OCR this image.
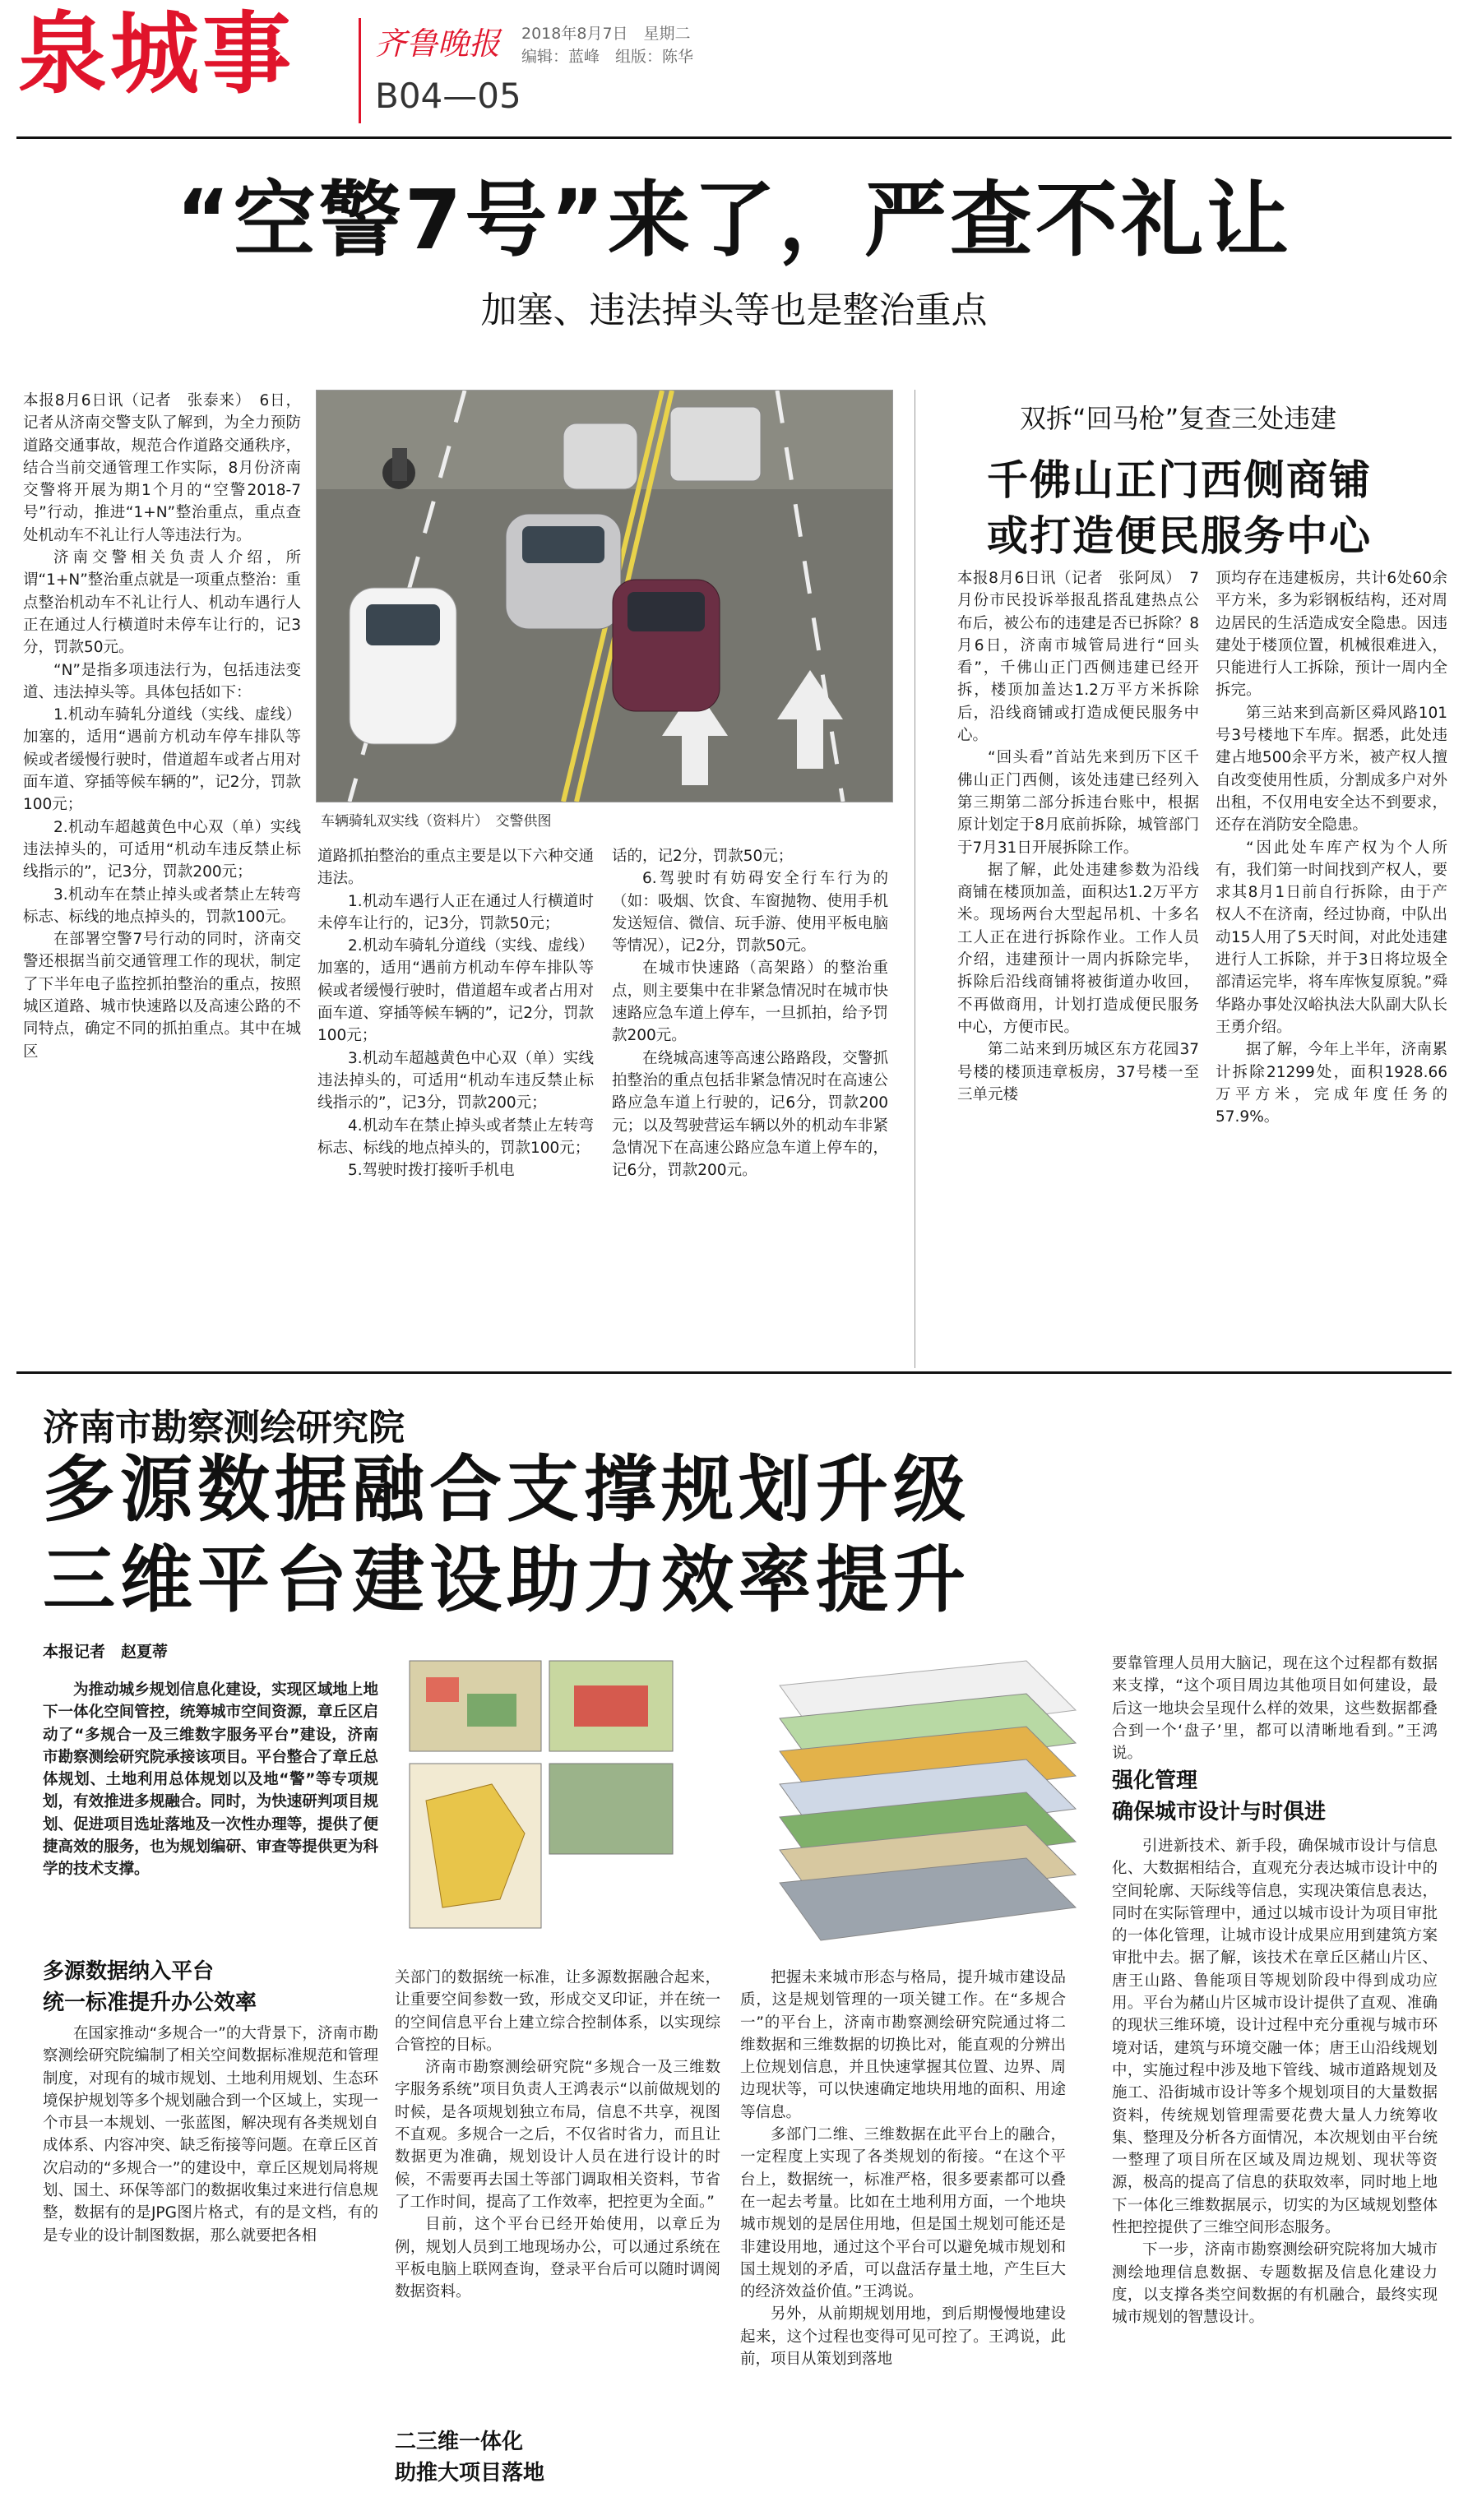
泉城事	齐鲁晚报 2018年8月7日　星期二
编辑：蓝峰　组版：陈华
B04—05
“空警7号”来了，严查不礼让
加塞、违法掉头等也是整治重点
车辆骑轧双实线（资料片）　交警供图

本报8月6日讯（记者　张泰来）　6日，记者从济南交警支队了解到，为全力预防道路交通事故，规范合作道路交通秩序，结合当前交通管理工作实际，8月份济南交警将开展为期1个月的“空警2018-7号”行动，推进“1+N”整治重点，重点查处机动车不礼让行人等违法行为。

济南交警相关负责人介绍，所谓“1+N”整治重点就是一项重点整治：重点整治机动车不礼让行人、机动车遇行人正在通过人行横道时未停车让行的，记3分，罚款50元。

“N”是指多项违法行为，包括违法变道、违法掉头等。具体包括如下：

1.机动车骑轧分道线（实线、虚线）加塞的，适用“遇前方机动车停车排队等候或者缓慢行驶时，借道超车或者占用对面车道、穿插等候车辆的”，记2分，罚款100元；

2.机动车超越黄色中心双（单）实线违法掉头的，可适用“机动车违反禁止标线指示的”，记3分，罚款200元；

3.机动车在禁止掉头或者禁止左转弯标志、标线的地点掉头的，罚款100元。

在部署空警7号行动的同时，济南交警还根据当前交通管理工作的现状，制定了下半年电子监控抓拍整治的重点，按照城区道路、城市快速路以及高速公路的不同特点，确定不同的抓拍重点。其中在城区

道路抓拍整治的重点主要是以下六种交通违法。

1.机动车遇行人正在通过人行横道时未停车让行的，记3分，罚款50元；

2.机动车骑轧分道线（实线、虚线）加塞的，适用“遇前方机动车停车排队等候或者缓慢行驶时，借道超车或者占用对面车道、穿插等候车辆的”，记2分，罚款100元；

3.机动车超越黄色中心双（单）实线违法掉头的，可适用“机动车违反禁止标线指示的”，记3分，罚款200元；

4.机动车在禁止掉头或者禁止左转弯标志、标线的地点掉头的，罚款100元；

5.驾驶时拨打接听手机电

话的，记2分，罚款50元；

6.驾驶时有妨碍安全行车行为的（如：吸烟、饮食、车窗抛物、使用手机发送短信、微信、玩手游、使用平板电脑等情况），记2分，罚款50元。

在城市快速路（高架路）的整治重点，则主要集中在非紧急情况时在城市快速路应急车道上停车，一旦抓拍，给予罚款200元。

在绕城高速等高速公路路段，交警抓拍整治的重点包括非紧急情况时在高速公路应急车道上行驶的，记6分，罚款200元；以及驾驶营运车辆以外的机动车非紧急情况下在高速公路应急车道上停车的，记6分，罚款200元。

双拆“回马枪”复查三处违建
千佛山正门西侧商铺
或打造便民服务中心

本报8月6日讯（记者　张阿凤）　7月份市民投诉举报乱搭乱建热点公布后，被公布的违建是否已拆除？8月6日，济南市城管局进行“回头看”，千佛山正门西侧违建已经开拆，楼顶加盖达1.2万平方米拆除后，沿线商铺或打造成便民服务中心。

“回头看”首站先来到历下区千佛山正门西侧，该处违建已经列入第三期第二部分拆违台账中，根据原计划定于8月底前拆除，城管部门于7月31日开展拆除工作。

据了解，此处违建参数为沿线商铺在楼顶加盖，面积达1.2万平方米。现场两台大型起吊机、十多名工人正在进行拆除作业。工作人员介绍，违建预计一周内拆除完毕，拆除后沿线商铺将被街道办收回，不再做商用，计划打造成便民服务中心，方便市民。

第二站来到历城区东方花园37号楼的楼顶违章板房，37号楼一至三单元楼

顶均存在违建板房，共计6处60余平方米，多为彩钢板结构，还对周边居民的生活造成安全隐患。因违建处于楼顶位置，机械很难进入，只能进行人工拆除，预计一周内全拆完。

第三站来到高新区舜风路101号3号楼地下车库。据悉，此处违建占地500余平方米，被产权人擅自改变使用性质，分割成多户对外出租，不仅用电安全达不到要求，还存在消防安全隐患。

“因此处车库产权为个人所有，我们第一时间找到产权人，要求其8月1日前自行拆除，由于产权人不在济南，经过协商，中队出动15人用了5天时间，对此处违建进行人工拆除，并于3日将垃圾全部清运完毕，将车库恢复原貌。”舜华路办事处汉峪执法大队副大队长王勇介绍。

据了解，今年上半年，济南累计拆除21299处，面积1928.66万平方米，完成年度任务的57.9%。

济南市勘察测绘研究院
多源数据融合支撑规划升级
三维平台建设助力效率提升
本报记者　赵夏蒂

为推动城乡规划信息化建设，实现区域地上地下一体化空间管控，统筹城市空间资源，章丘区启动了“多规合一及三维数字服务平台”建设，济南市勘察测绘研究院承接该项目。平台整合了章丘总体规划、土地利用总体规划以及地“警”等专项规划，有效推进多规融合。同时，为快速研判项目规划、促进项目选址落地及一次性办理等，提供了便捷高效的服务，也为规划编研、审查等提供更为科学的技术支撑。

多源数据纳入平台
统一标准提升办公效率

在国家推动“多规合一”的大背景下，济南市勘察测绘研究院编制了相关空间数据标准规范和管理制度，对现有的城市规划、土地利用规划、生态环境保护规划等多个规划融合到一个区域上，实现一个市县一本规划、一张蓝图，解决现有各类规划自成体系、内容冲突、缺乏衔接等问题。在章丘区首次启动的“多规合一”的建设中，章丘区规划局将规划、国土、环保等部门的数据收集过来进行信息规整，数据有的是JPG图片格式，有的是文档，有的是专业的设计制图数据，那么就要把各相

关部门的数据统一标准，让多源数据融合起来，让重要空间参数一致，形成交叉印证，并在统一的空间信息平台上建立综合控制体系，以实现综合管控的目标。

济南市勘察测绘研究院“多规合一及三维数字服务系统”项目负责人王鸿表示“以前做规划的时候，是各项规划独立布局，信息不共享，视图不直观。多规合一之后，不仅省时省力，而且让数据更为准确，规划设计人员在进行设计的时候，不需要再去国土等部门调取相关资料，节省了工作时间，提高了工作效率，把控更为全面。”

目前，这个平台已经开始使用，以章丘为例，规划人员到工地现场办公，可以通过系统在平板电脑上联网查询，登录平台后可以随时调阅数据资料。

二三维一体化
助推大项目落地

把握未来城市形态与格局，提升城市建设品质，这是规划管理的一项关键工作。在“多规合一”的平台上，济南市勘察测绘研究院通过将二维数据和三维数据的切换比对，能直观的分辨出上位规划信息，并且快速掌握其位置、边界、周边现状等，可以快速确定地块用地的面积、用途等信息。

多部门二维、三维数据在此平台上的融合，一定程度上实现了各类规划的衔接。“在这个平台上，数据统一，标准严格，很多要素都可以叠在一起去考量。比如在土地利用方面，一个地块城市规划的是居住用地，但是国土规划可能还是非建设用地，通过这个平台可以避免城市规划和国土规划的矛盾，可以盘活存量土地，产生巨大的经济效益价值。”王鸿说。

另外，从前期规划用地，到后期慢慢地建设起来，这个过程也变得可见可控了。王鸿说，此前，项目从策划到落地

要靠管理人员用大脑记，现在这个过程都有数据来支撑，“这个项目周边其他项目如何建设，最后这一地块会呈现什么样的效果，这些数据都叠合到一个‘盘子’里，都可以清晰地看到。”王鸿说。

强化管理
确保城市设计与时俱进

引进新技术、新手段，确保城市设计与信息化、大数据相结合，直观充分表达城市设计中的空间轮廓、天际线等信息，实现决策信息表达，同时在实际管理中，通过以城市设计为项目审批的一体化管理，让城市设计成果应用到建筑方案审批中去。据了解，该技术在章丘区赭山片区、唐王山路、鲁能项目等规划阶段中得到成功应用。平台为赭山片区城市设计提供了直观、准确的现状三维环境，设计过程中充分重视与城市环境对话，建筑与环境交融一体；唐王山沿线规划中，实施过程中涉及地下管线、城市道路规划及施工、沿街城市设计等多个规划项目的大量数据资料，传统规划管理需要花费大量人力统筹收集、整理及分析各方面情况，本次规划由平台统一整理了项目所在区域及周边规划、现状等资源，极高的提高了信息的获取效率，同时地上地下一体化三维数据展示，切实的为区域规划整体性把控提供了三维空间形态服务。

下一步，济南市勘察测绘研究院将加大城市测绘地理信息数据、专题数据及信息化建设力度，以支撑各类空间数据的有机融合，最终实现城市规划的智慧设计。
